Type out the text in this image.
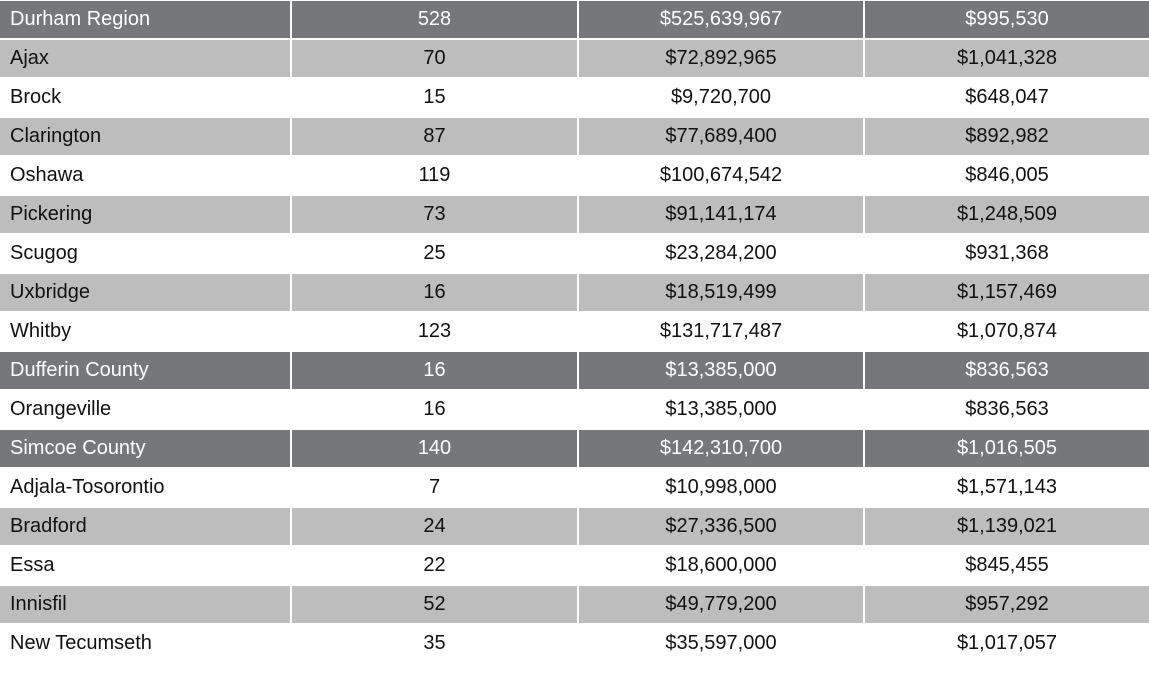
Durham Region	528	$525,639,967	$995,530
Ajax	70	$72,892,965	$1,041,328
Brock	15	$9,720,700	$648,047
Clarington	87	$77,689,400	$892,982
Oshawa	119	$100,674,542	$846,005
Pickering	73	$91,141,174	$1,248,509
Scugog	25	$23,284,200	$931,368
Uxbridge	16	$18,519,499	$1,157,469
Whitby	123	$131,717,487	$1,070,874
Dufferin County	16	$13,385,000	$836,563
Orangeville	16	$13,385,000	$836,563
Simcoe County	140	$142,310,700	$1,016,505
Adjala-Tosorontio	7	$10,998,000	$1,571,143
Bradford	24	$27,336,500	$1,139,021
Essa	22	$18,600,000	$845,455
Innisfil	52	$49,779,200	$957,292
New Tecumseth	35	$35,597,000	$1,017,057
